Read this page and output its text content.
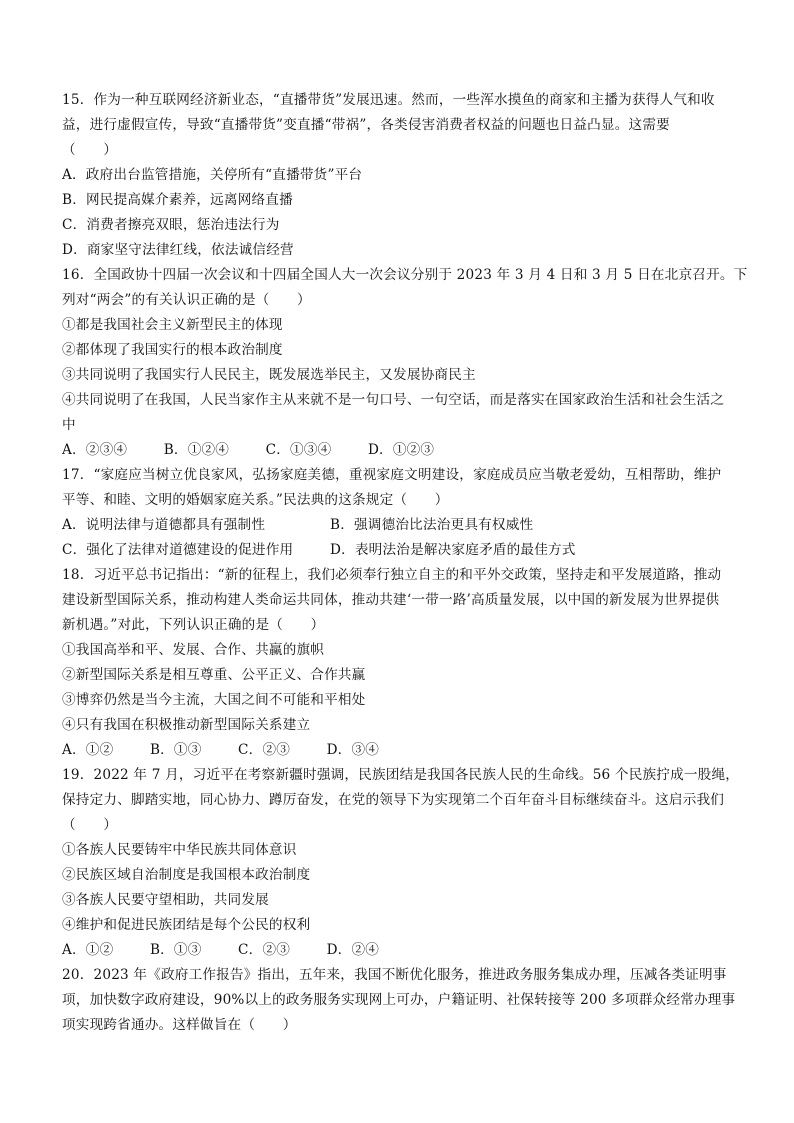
15．作为一种互联网经济新业态，“直播带货”发展迅速。然而，一些浑水摸鱼的商家和主播为获得人气和收
益，进行虚假宣传，导致“直播带货”变直播“带祸”，各类侵害消费者权益的问题也日益凸显。这需要
（　　）
A．政府出台监管措施，关停所有“直播带货”平台
B．网民提高媒介素养，远离网络直播
C．消费者擦亮双眼，惩治违法行为
D．商家坚守法律红线，依法诚信经营
16．全国政协十四届一次会议和十四届全国人大一次会议分别于 2023 年 3 月 4 日和 3 月 5 日在北京召开。下
列对“两会”的有关认识正确的是（　　）
①都是我国社会主义新型民主的体现
②都体现了我国实行的根本政治制度
③共同说明了我国实行人民民主，既发展选举民主，又发展协商民主
④共同说明了在我国，人民当家作主从来就不是一句口号、一句空话，而是落实在国家政治生活和社会生活之
中
A．②③④	B．①②④	C．①③④	D．①②③
17．“家庭应当树立优良家风，弘扬家庭美德，重视家庭文明建设，家庭成员应当敬老爱幼，互相帮助，维护
平等、和睦、文明的婚姻家庭关系。”民法典的这条规定（　　）
A．说明法律与道德都具有强制性	B．强调德治比法治更具有权威性
C．强化了法律对道德建设的促进作用	D．表明法治是解决家庭矛盾的最佳方式
18．习近平总书记指出：“新的征程上，我们必须奉行独立自主的和平外交政策，坚持走和平发展道路，推动
建设新型国际关系，推动构建人类命运共同体，推动共建‘一带一路’高质量发展，以中国的新发展为世界提供
新机遇。”对此，下列认识正确的是（　　）
①我国高举和平、发展、合作、共赢的旗帜
②新型国际关系是相互尊重、公平正义、合作共赢
③博弈仍然是当今主流，大国之间不可能和平相处
④只有我国在积极推动新型国际关系建立
A．①②	B．①③	C．②③	D．③④
19．2022 年 7 月，习近平在考察新疆时强调，民族团结是我国各民族人民的生命线。56 个民族拧成一股绳，
保持定力、脚踏实地，同心协力、蹲厉奋发，在党的领导下为实现第二个百年奋斗目标继续奋斗。这启示我们
（　　）
①各族人民要铸牢中华民族共同体意识
②民族区域自治制度是我国根本政治制度
③各族人民要守望相助，共同发展
④维护和促进民族团结是每个公民的权利
A．①②	B．①③	C．②③	D．②④
20．2023 年《政府工作报告》指出，五年来，我国不断优化服务，推进政务服务集成办理，压减各类证明事
项，加快数字政府建设，90%以上的政务服务实现网上可办，户籍证明、社保转接等 200 多项群众经常办理事
项实现跨省通办。这样做旨在（　　）
